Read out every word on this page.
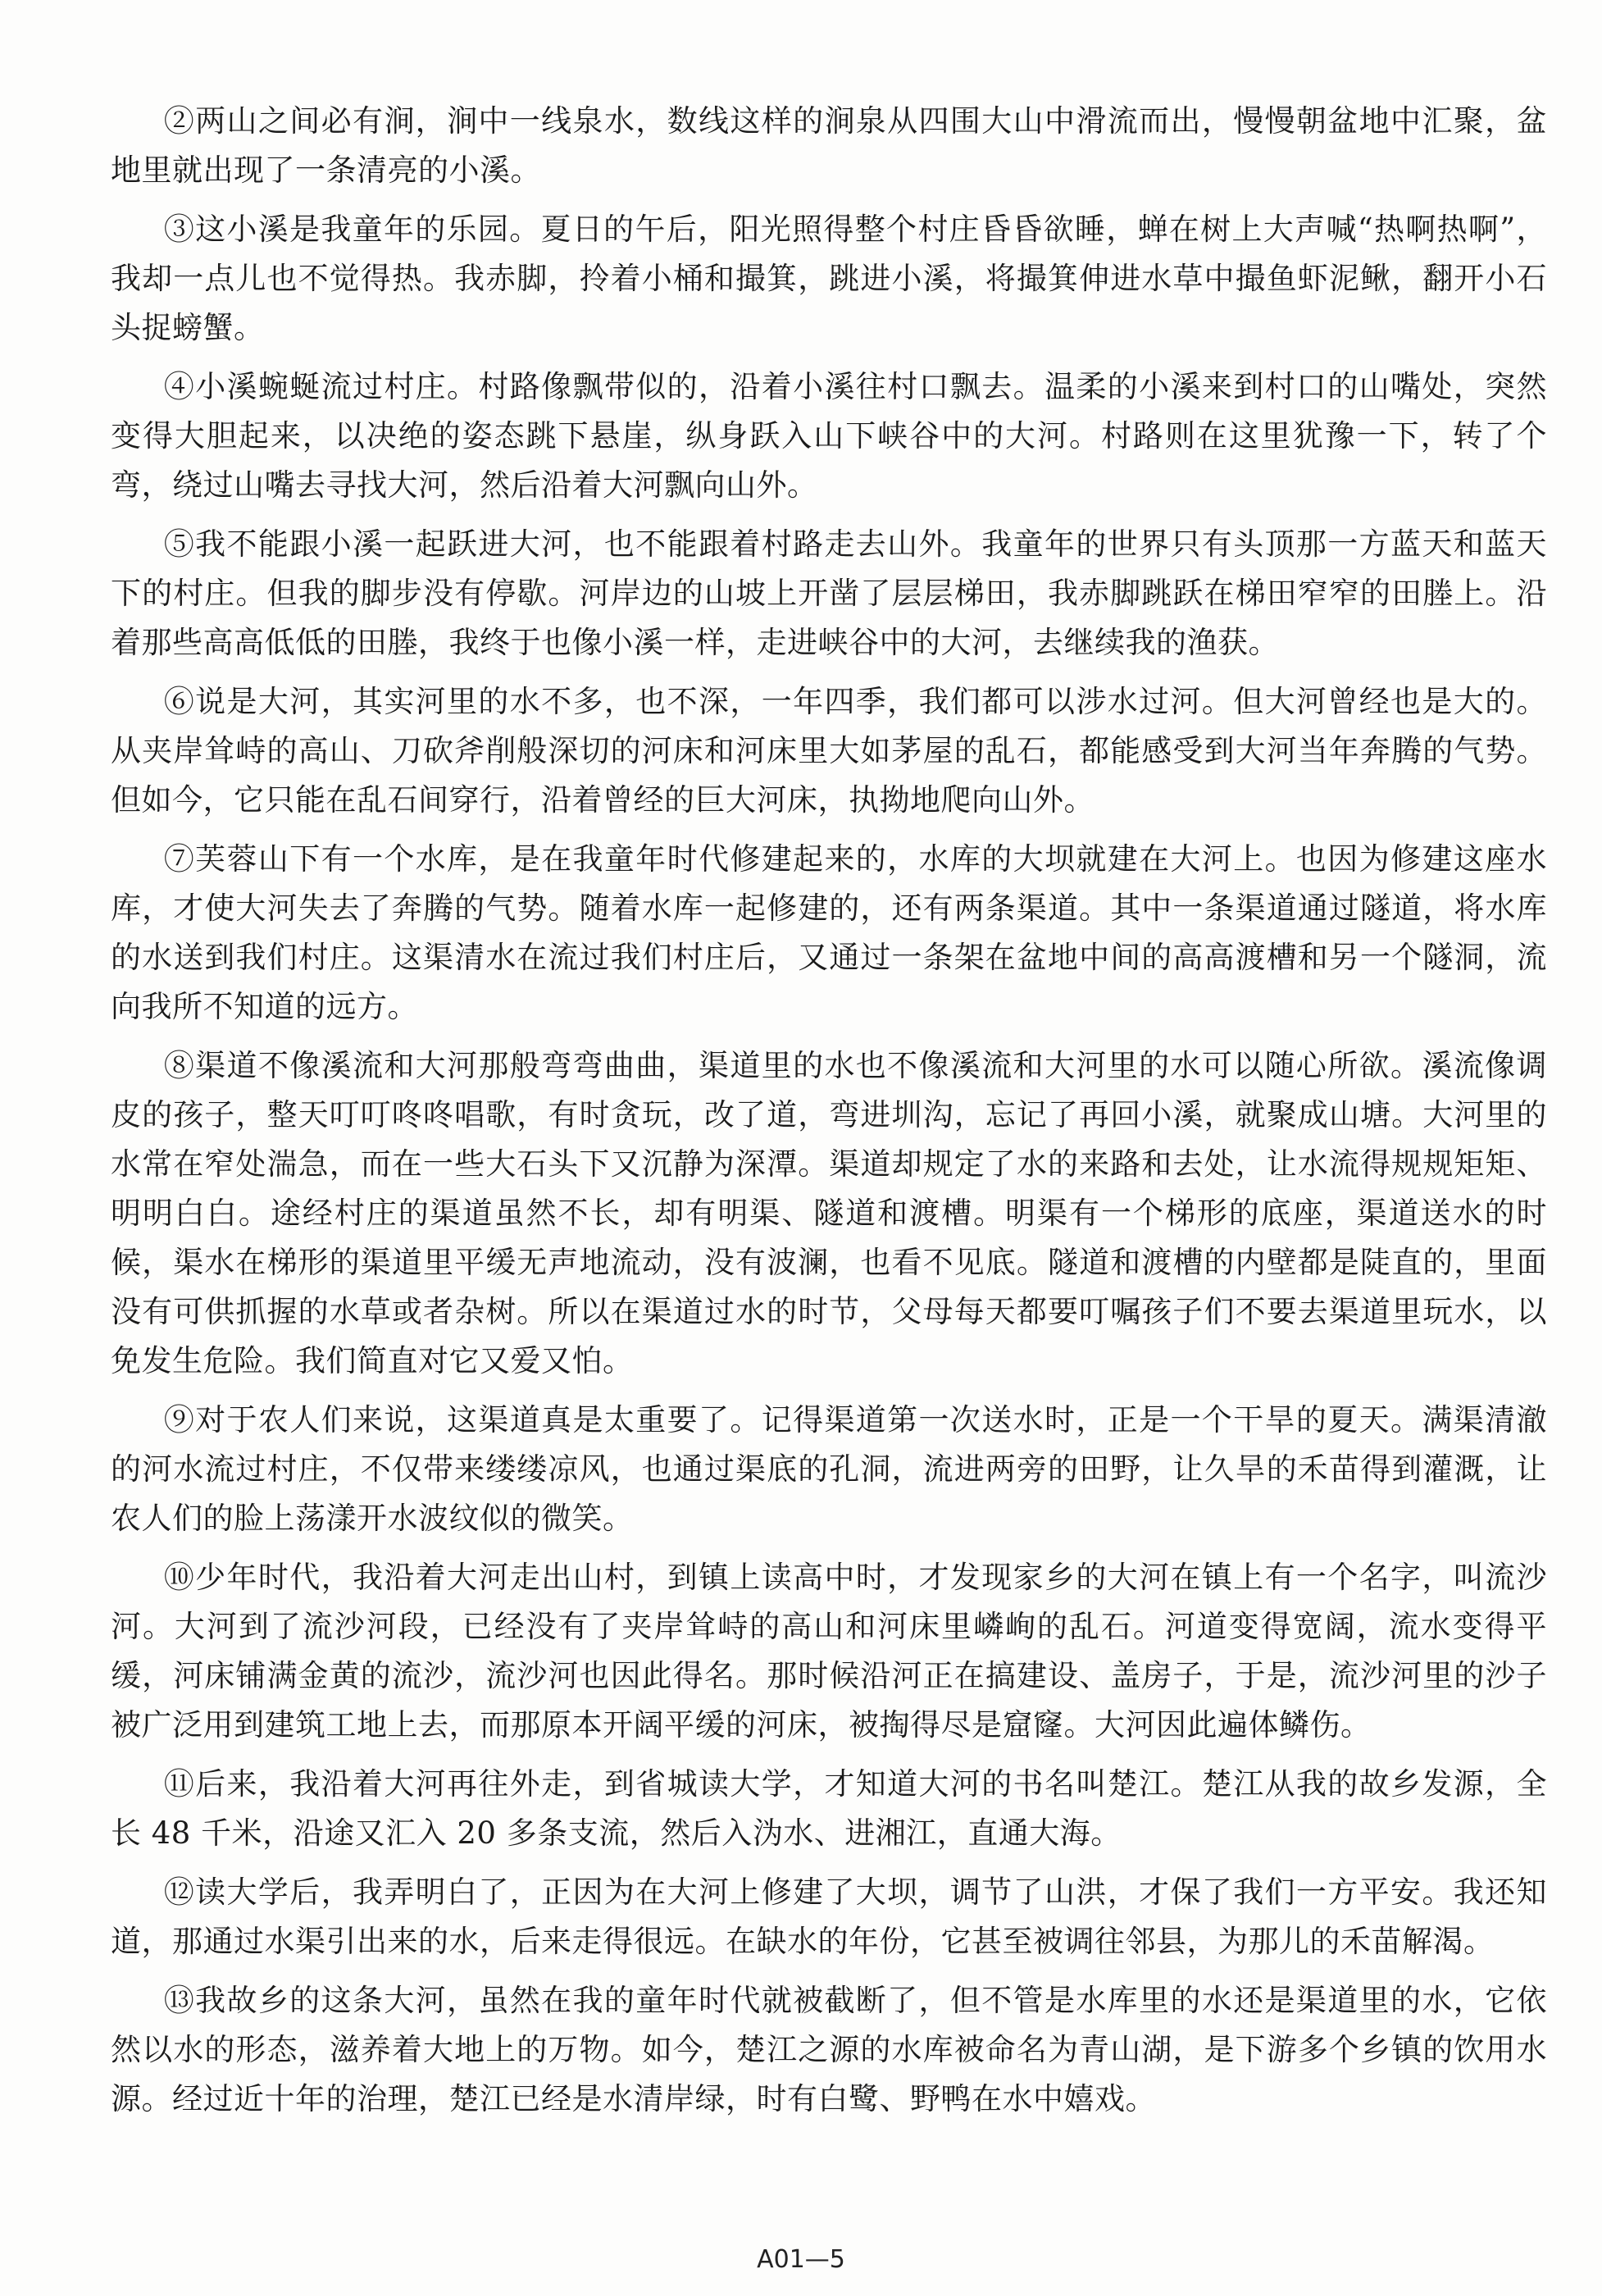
②两山之间必有涧，涧中一线泉水，数线这样的涧泉从四围大山中滑流而出，慢慢朝盆地中汇聚，盆地里就出现了一条清亮的小溪。

③这小溪是我童年的乐园。夏日的午后，阳光照得整个村庄昏昏欲睡，蝉在树上大声喊“热啊热啊”，我却一点儿也不觉得热。我赤脚，拎着小桶和撮箕，跳进小溪，将撮箕伸进水草中撮鱼虾泥鳅，翻开小石头捉螃蟹。

④小溪蜿蜒流过村庄。村路像飘带似的，沿着小溪往村口飘去。温柔的小溪来到村口的山嘴处，突然变得大胆起来，以决绝的姿态跳下悬崖，纵身跃入山下峡谷中的大河。村路则在这里犹豫一下，转了个弯，绕过山嘴去寻找大河，然后沿着大河飘向山外。

⑤我不能跟小溪一起跃进大河，也不能跟着村路走去山外。我童年的世界只有头顶那一方蓝天和蓝天下的村庄。但我的脚步没有停歇。河岸边的山坡上开凿了层层梯田，我赤脚跳跃在梯田窄窄的田塍上。沿着那些高高低低的田塍，我终于也像小溪一样，走进峡谷中的大河，去继续我的渔获。

⑥说是大河，其实河里的水不多，也不深，一年四季，我们都可以涉水过河。但大河曾经也是大的。从夹岸耸峙的高山、刀砍斧削般深切的河床和河床里大如茅屋的乱石，都能感受到大河当年奔腾的气势。但如今，它只能在乱石间穿行，沿着曾经的巨大河床，执拗地爬向山外。

⑦芙蓉山下有一个水库，是在我童年时代修建起来的，水库的大坝就建在大河上。也因为修建这座水库，才使大河失去了奔腾的气势。随着水库一起修建的，还有两条渠道。其中一条渠道通过隧道，将水库的水送到我们村庄。这渠清水在流过我们村庄后，又通过一条架在盆地中间的高高渡槽和另一个隧洞，流向我所不知道的远方。

⑧渠道不像溪流和大河那般弯弯曲曲，渠道里的水也不像溪流和大河里的水可以随心所欲。溪流像调皮的孩子，整天叮叮咚咚唱歌，有时贪玩，改了道，弯进圳沟，忘记了再回小溪，就聚成山塘。大河里的水常在窄处湍急，而在一些大石头下又沉静为深潭。渠道却规定了水的来路和去处，让水流得规规矩矩、明明白白。途经村庄的渠道虽然不长，却有明渠、隧道和渡槽。明渠有一个梯形的底座，渠道送水的时候，渠水在梯形的渠道里平缓无声地流动，没有波澜，也看不见底。隧道和渡槽的内壁都是陡直的，里面没有可供抓握的水草或者杂树。所以在渠道过水的时节，父母每天都要叮嘱孩子们不要去渠道里玩水，以免发生危险。我们简直对它又爱又怕。

⑨对于农人们来说，这渠道真是太重要了。记得渠道第一次送水时，正是一个干旱的夏天。满渠清澈的河水流过村庄，不仅带来缕缕凉风，也通过渠底的孔洞，流进两旁的田野，让久旱的禾苗得到灌溉，让农人们的脸上荡漾开水波纹似的微笑。

⑩少年时代，我沿着大河走出山村，到镇上读高中时，才发现家乡的大河在镇上有一个名字，叫流沙河。大河到了流沙河段，已经没有了夹岸耸峙的高山和河床里嶙峋的乱石。河道变得宽阔，流水变得平缓，河床铺满金黄的流沙，流沙河也因此得名。那时候沿河正在搞建设、盖房子，于是，流沙河里的沙子被广泛用到建筑工地上去，而那原本开阔平缓的河床，被掏得尽是窟窿。大河因此遍体鳞伤。

⑪后来，我沿着大河再往外走，到省城读大学，才知道大河的书名叫楚江。楚江从我的故乡发源，全长 48 千米，沿途又汇入 20 多条支流，然后入沩水、进湘江，直通大海。

⑫读大学后，我弄明白了，正因为在大河上修建了大坝，调节了山洪，才保了我们一方平安。我还知道，那通过水渠引出来的水，后来走得很远。在缺水的年份，它甚至被调往邻县，为那儿的禾苗解渴。

⑬我故乡的这条大河，虽然在我的童年时代就被截断了，但不管是水库里的水还是渠道里的水，它依然以水的形态，滋养着大地上的万物。如今，楚江之源的水库被命名为青山湖，是下游多个乡镇的饮用水源。经过近十年的治理，楚江已经是水清岸绿，时有白鹭、野鸭在水中嬉戏。

A01—5
